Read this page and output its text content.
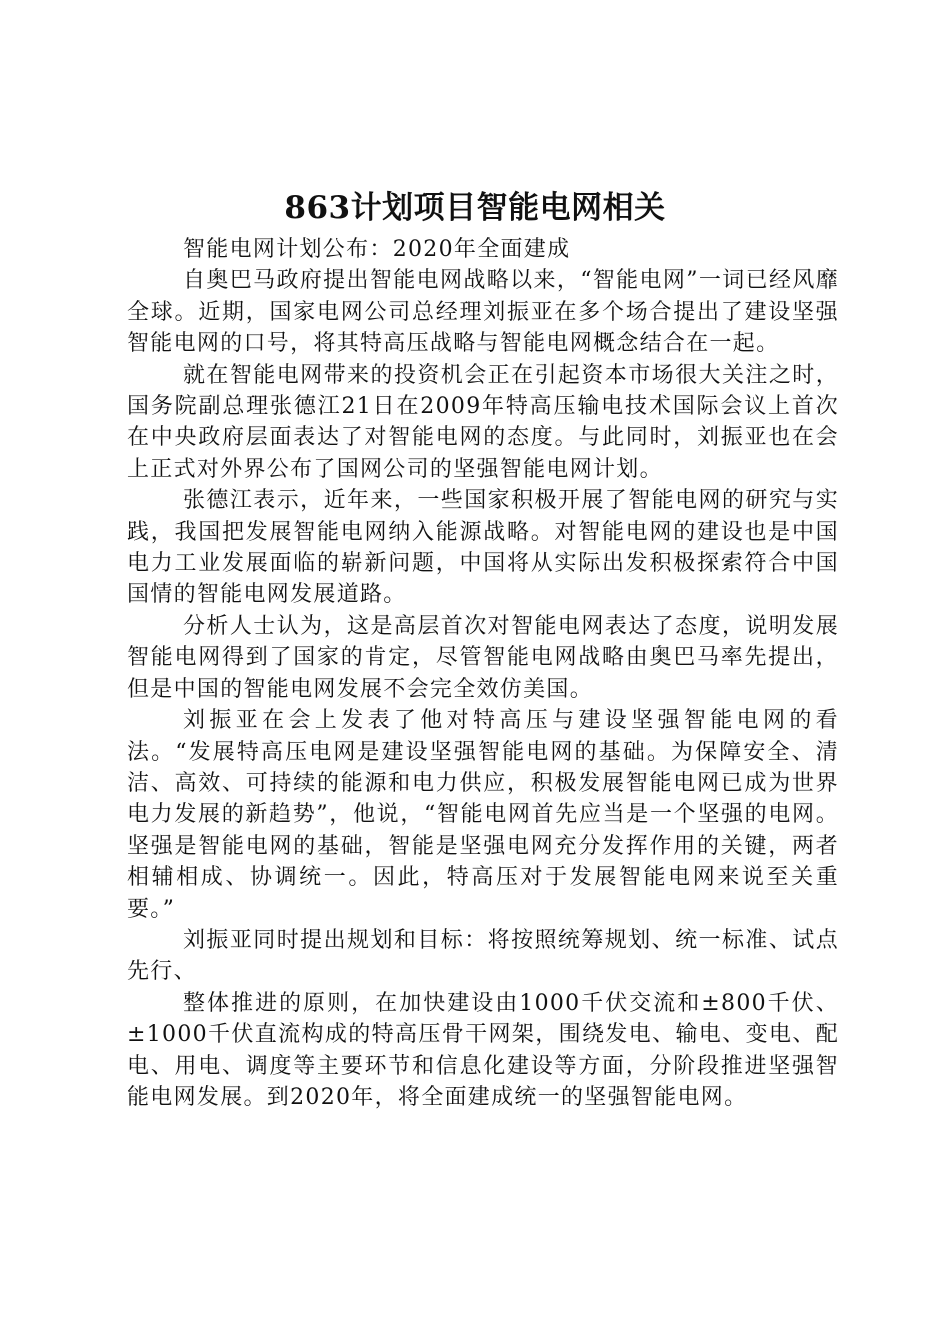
863计划项目智能电网相关

智能电网计划公布：2020年全面建成

自奥巴马政府提出智能电网战略以来，“智能电网”一词已经风靡全球。近期，国家电网公司总经理刘振亚在多个场合提出了建设坚强智能电网的口号，将其特高压战略与智能电网概念结合在一起。

就在智能电网带来的投资机会正在引起资本市场很大关注之时，国务院副总理张德江21日在2009年特高压输电技术国际会议上首次在中央政府层面表达了对智能电网的态度。与此同时，刘振亚也在会上正式对外界公布了国网公司的坚强智能电网计划。

张德江表示，近年来，一些国家积极开展了智能电网的研究与实践，我国把发展智能电网纳入能源战略。对智能电网的建设也是中国电力工业发展面临的崭新问题，中国将从实际出发积极探索符合中国国情的智能电网发展道路。

分析人士认为，这是高层首次对智能电网表达了态度，说明发展智能电网得到了国家的肯定，尽管智能电网战略由奥巴马率先提出，但是中国的智能电网发展不会完全效仿美国。

刘振亚在会上发表了他对特高压与建设坚强智能电网的看法。“发展特高压电网是建设坚强智能电网的基础。为保障安全、清洁、高效、可持续的能源和电力供应，积极发展智能电网已成为世界电力发展的新趋势”，他说，“智能电网首先应当是一个坚强的电网。坚强是智能电网的基础，智能是坚强电网充分发挥作用的关键，两者相辅相成、协调统一。因此，特高压对于发展智能电网来说至关重要。”

刘振亚同时提出规划和目标：将按照统筹规划、统一标准、试点先行、

整体推进的原则，在加快建设由1000千伏交流和±800千伏、±1000千伏直流构成的特高压骨干网架，围绕发电、输电、变电、配电、用电、调度等主要环节和信息化建设等方面，分阶段推进坚强智能电网发展。到2020年，将全面建成统一的坚强智能电网。
